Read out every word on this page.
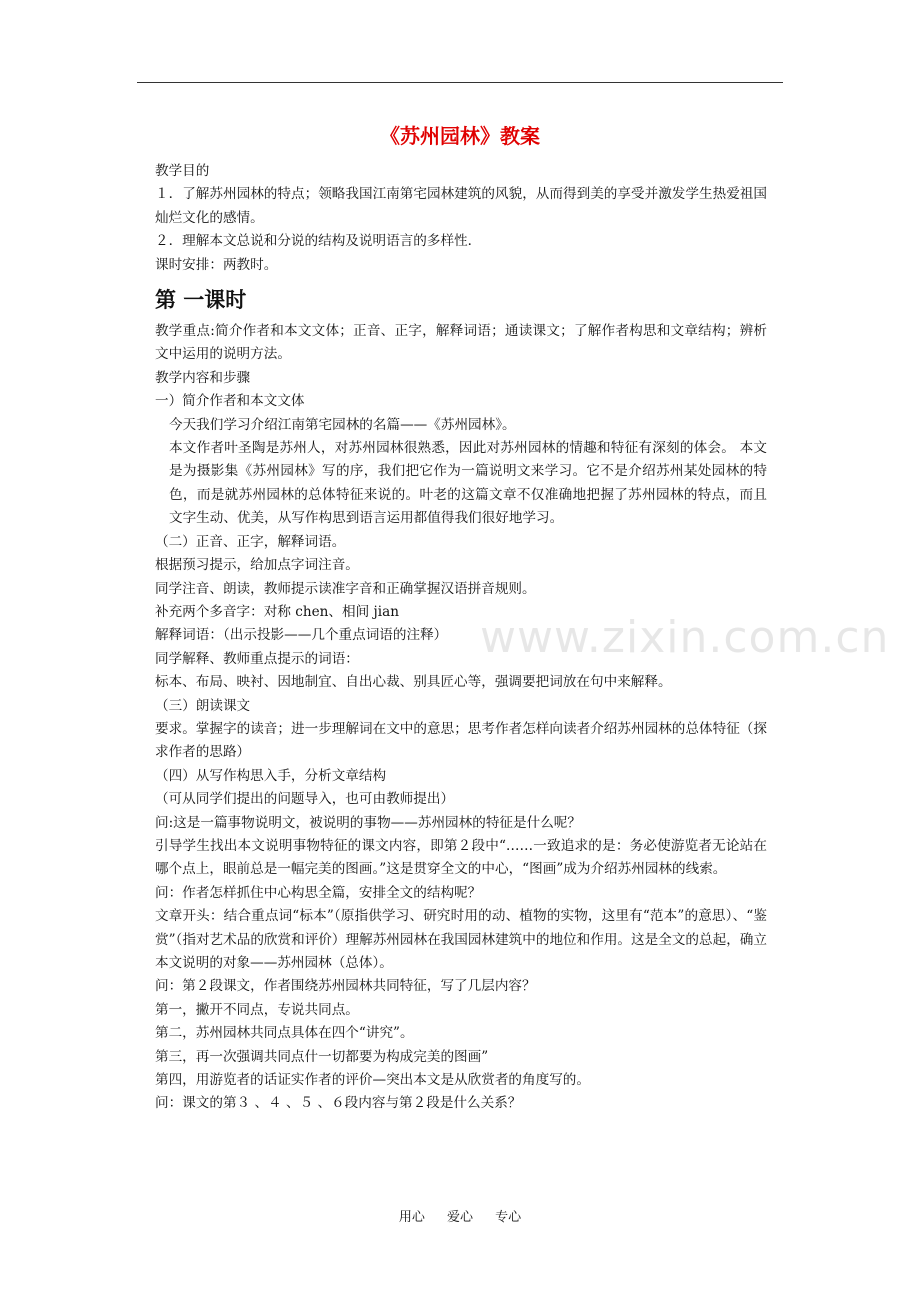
《苏州园林》教案

教学目的

１．了解苏州园林的特点；领略我国江南第宅园林建筑的风貌，从而得到美的享受并激发学生热爱祖国灿烂文化的感情。

２．理解本文总说和分说的结构及说明语言的多样性．

课时安排：两教时。

第 一课时

教学重点:简介作者和本文文体；正音、正字，解释词语；通读课文；了解作者构思和文章结构；辨析文中运用的说明方法。

教学内容和步骤

一）简介作者和本文文体

今天我们学习介绍江南第宅园林的名篇——《苏州园林》。

本文作者叶圣陶是苏州人，对苏州园林很熟悉，因此对苏州园林的情趣和特征有深刻的体会。 本文是为摄影集《苏州园林》写的序，我们把它作为一篇说明文来学习。它不是介绍苏州某处园林的特色，而是就苏州园林的总体特征来说的。叶老的这篇文章不仅准确地把握了苏州园林的特点，而且文字生动、优美，从写作构思到语言运用都值得我们很好地学习。

（二）正音、正字，解释词语。

根据预习提示，给加点字词注音。

同学注音、朗读，教师提示读准字音和正确掌握汉语拼音规则。

补充两个多音字：对称 chen、相间 jian

解释词语：（出示投影——几个重点词语的注释）

同学解释、教师重点提示的词语：

标本、布局、映衬、因地制宜、自出心裁、别具匠心等，强调要把词放在句中来解释。

（三）朗读课文

要求。掌握字的读音；进一步理解词在文中的意思；思考作者怎样向读者介绍苏州园林的总体特征（探求作者的思路）

（四）从写作构思入手，分析文章结构

（可从同学们提出的问题导入，也可由教师提出）

问:这是一篇事物说明文，被说明的事物——苏州园林的特征是什么呢？

引导学生找出本文说明事物特征的课文内容，即第２段中“……一致追求的是：务必使游览者无论站在哪个点上，眼前总是一幅完美的图画。”这是贯穿全文的中心，“图画”成为介绍苏州园林的线索。

问：作者怎样抓住中心构思全篇，安排全文的结构呢？

文章开头：结合重点词“标本”（原指供学习、研究时用的动、植物的实物，这里有“范本”的意思）、“鉴赏”（指对艺术品的欣赏和评价）理解苏州园林在我国园林建筑中的地位和作用。这是全文的总起，确立本文说明的对象——苏州园林（总体）。

问：第２段课文，作者围绕苏州园林共同特征，写了几层内容？

第一，撇开不同点，专说共同点。

第二，苏州园林共同点具体在四个“讲究”。

第三，再一次强调共同点什一切都要为构成完美的图画”

第四，用游览者的话证实作者的评价—突出本文是从欣赏者的角度写的。

问：课文的第３ 、４ 、５ 、６段内容与第２段是什么关系？

www.zixin.com.cn
用心 爱心 专心
